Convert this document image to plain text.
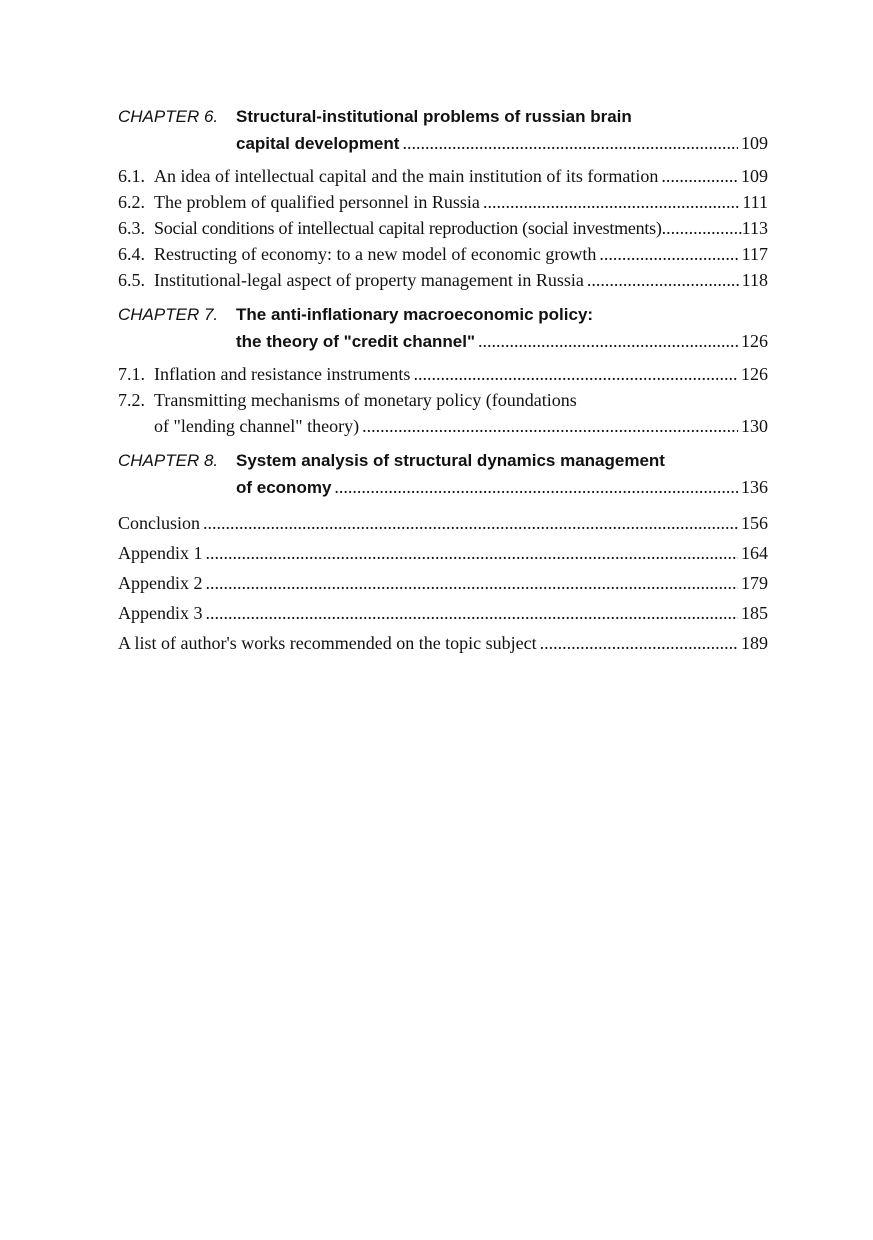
CHAPTER 6.	Structural-institutional problems of russian brain
capital development .....	109
6.1. An idea of intellectual capital and the main institution of its formation .....	109
6.2. The problem of qualified personnel in Russia .....	111
6.3. Social conditions of intellectual capital reproduction (social investments) .....	113
6.4. Restructing of economy: to a new model of economic growth .....	117
6.5. Institutional-legal aspect of property management in Russia .....	118
CHAPTER 7.	The anti-inflationary macroeconomic policy:
the theory of "credit channel" .....	126
7.1. Inflation and resistance instruments .....	126
7.2. Transmitting mechanisms of monetary policy (foundations
of "lending channel" theory) .....	130
CHAPTER 8.	System analysis of structural dynamics management
of economy .....	136
Conclusion .....	156
Appendix 1 .....	164
Appendix 2 .....	179
Appendix 3 .....	185
A list of author's works recommended on the topic subject .....	189
